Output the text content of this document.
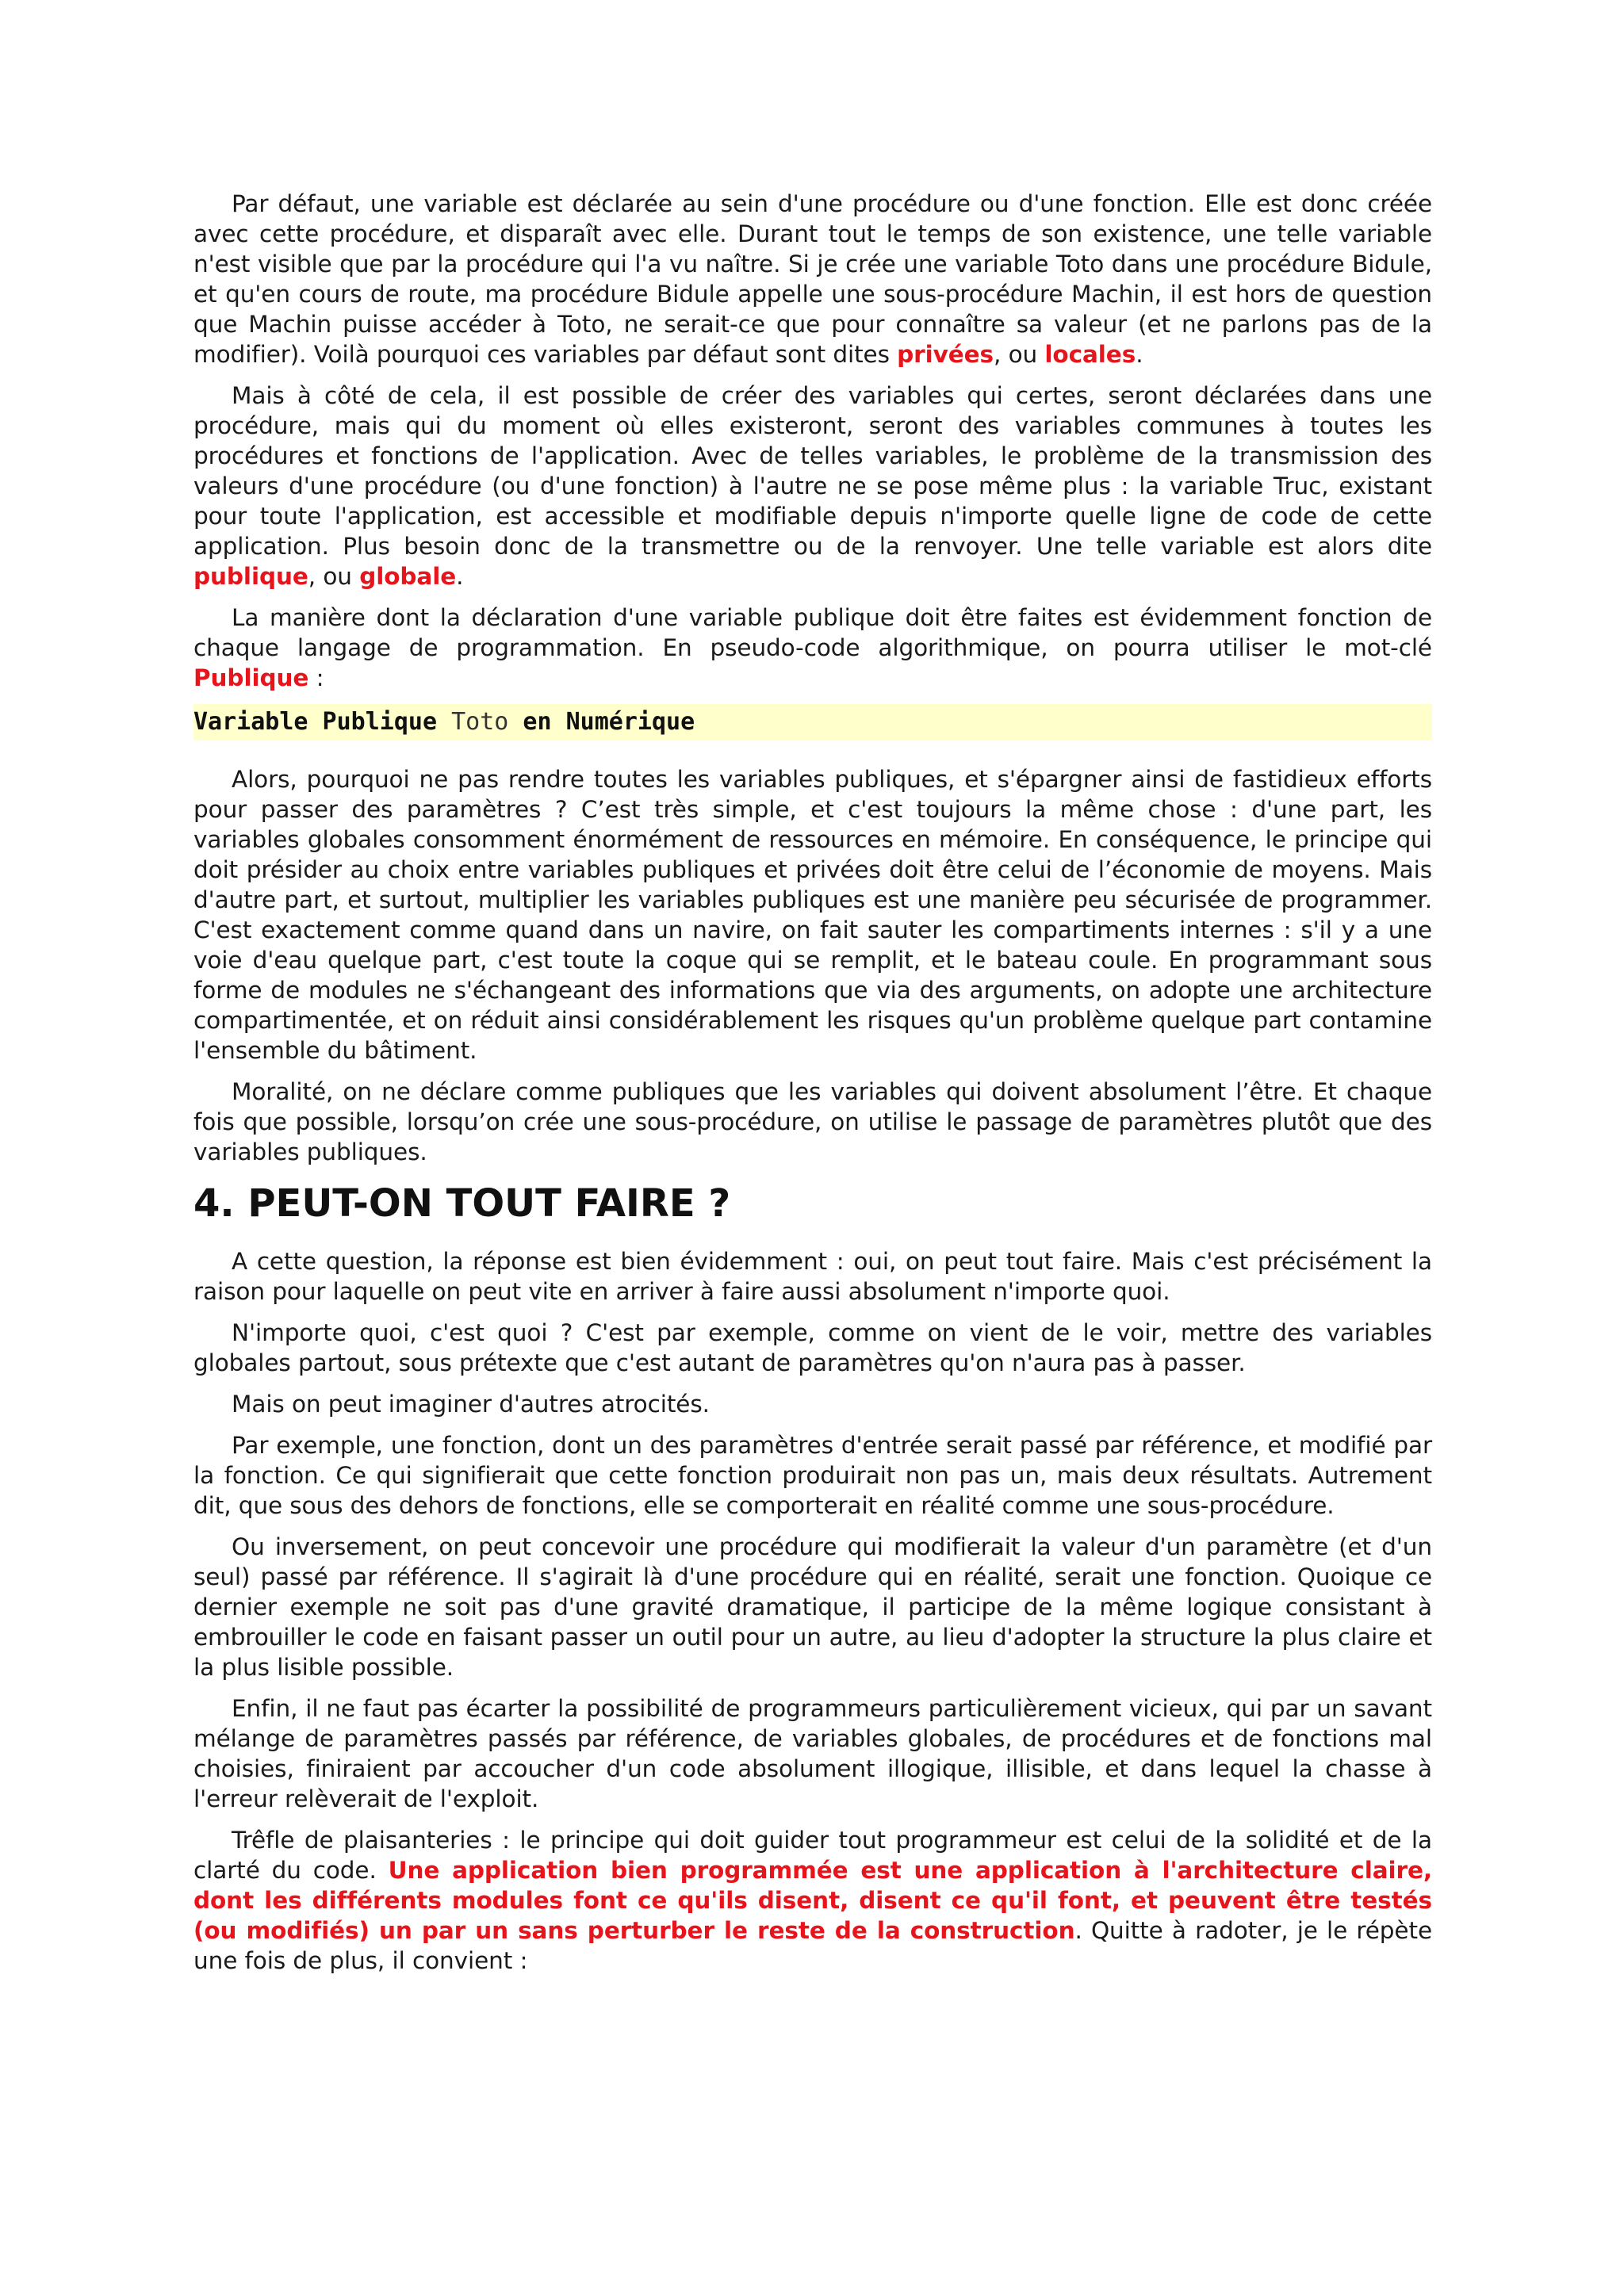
Par défaut, une variable est déclarée au sein d'une procédure ou d'une fonction. Elle est donc créée avec cette procédure, et disparaît avec elle. Durant tout le temps de son existence, une telle variable n'est visible que par la procédure qui l'a vu naître. Si je crée une variable Toto dans une procédure Bidule, et qu'en cours de route, ma procédure Bidule appelle une sous-procédure Machin, il est hors de question que Machin puisse accéder à Toto, ne serait-ce que pour connaître sa valeur (et ne parlons pas de la modifier). Voilà pourquoi ces variables par défaut sont dites privées, ou locales.

Mais à côté de cela, il est possible de créer des variables qui certes, seront déclarées dans une procédure, mais qui du moment où elles existeront, seront des variables communes à toutes les procédures et fonctions de l'application. Avec de telles variables, le problème de la transmission des valeurs d'une procédure (ou d'une fonction) à l'autre ne se pose même plus : la variable Truc, existant pour toute l'application, est accessible et modifiable depuis n'importe quelle ligne de code de cette application. Plus besoin donc de la transmettre ou de la renvoyer. Une telle variable est alors dite publique, ou globale.

La manière dont la déclaration d'une variable publique doit être faites est évidemment fonction de chaque langage de programmation. En pseudo-code algorithmique, on pourra utiliser le mot-clé Publique :

Variable Publique Toto en Numérique

Alors, pourquoi ne pas rendre toutes les variables publiques, et s'épargner ainsi de fastidieux efforts pour passer des paramètres ? C’est très simple, et c'est toujours la même chose : d'une part, les variables globales consomment énormément de ressources en mémoire. En conséquence, le principe qui doit présider au choix entre variables publiques et privées doit être celui de l’économie de moyens. Mais d'autre part, et surtout, multiplier les variables publiques est une manière peu sécurisée de programmer. C'est exactement comme quand dans un navire, on fait sauter les compartiments internes : s'il y a une voie d'eau quelque part, c'est toute la coque qui se remplit, et le bateau coule. En programmant sous forme de modules ne s'échangeant des informations que via des arguments, on adopte une architecture compartimentée, et on réduit ainsi considérablement les risques qu'un problème quelque part contamine l'ensemble du bâtiment.

Moralité, on ne déclare comme publiques que les variables qui doivent absolument l’être. Et chaque fois que possible, lorsqu’on crée une sous-procédure, on utilise le passage de paramètres plutôt que des variables publiques.

4. PEUT-ON TOUT FAIRE ?

A cette question, la réponse est bien évidemment : oui, on peut tout faire. Mais c'est précisément la raison pour laquelle on peut vite en arriver à faire aussi absolument n'importe quoi.

N'importe quoi, c'est quoi ? C'est par exemple, comme on vient de le voir, mettre des variables globales partout, sous prétexte que c'est autant de paramètres qu'on n'aura pas à passer.

Mais on peut imaginer d'autres atrocités.

Par exemple, une fonction, dont un des paramètres d'entrée serait passé par référence, et modifié par la fonction. Ce qui signifierait que cette fonction produirait non pas un, mais deux résultats. Autrement dit, que sous des dehors de fonctions, elle se comporterait en réalité comme une sous-procédure.

Ou inversement, on peut concevoir une procédure qui modifierait la valeur d'un paramètre (et d'un seul) passé par référence. Il s'agirait là d'une procédure qui en réalité, serait une fonction. Quoique ce dernier exemple ne soit pas d'une gravité dramatique, il participe de la même logique consistant à embrouiller le code en faisant passer un outil pour un autre, au lieu d'adopter la structure la plus claire et la plus lisible possible.

Enfin, il ne faut pas écarter la possibilité de programmeurs particulièrement vicieux, qui par un savant mélange de paramètres passés par référence, de variables globales, de procédures et de fonctions mal choisies, finiraient par accoucher d'un code absolument illogique, illisible, et dans lequel la chasse à l'erreur relèverait de l'exploit.

Trêfle de plaisanteries : le principe qui doit guider tout programmeur est celui de la solidité et de la clarté du code. Une application bien programmée est une application à l'architecture claire, dont les différents modules font ce qu'ils disent, disent ce qu'il font, et peuvent être testés (ou modifiés) un par un sans perturber le reste de la construction. Quitte à radoter, je le répète une fois de plus, il convient :
